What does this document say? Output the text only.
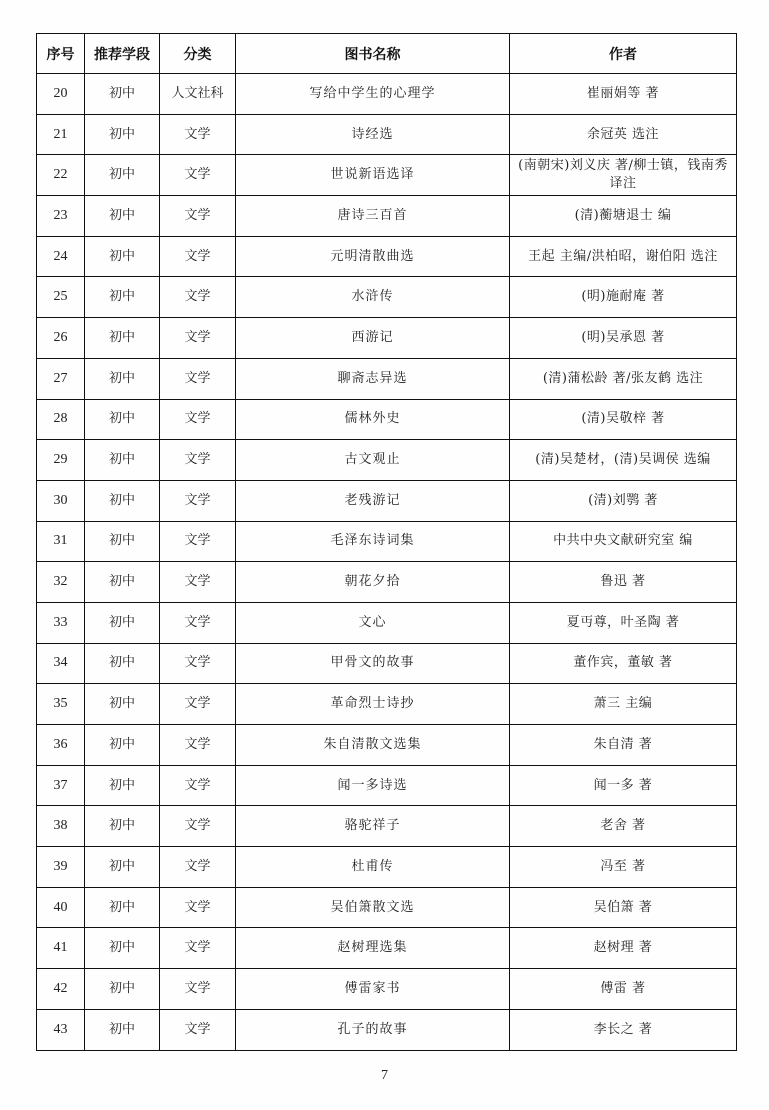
序号	推荐学段	分类	图书名称	作者
20	初中	人文社科	写给中学生的心理学	崔丽娟等 著
21	初中	文学	诗经选	余冠英 选注
22	初中	文学	世说新语选译	(南朝宋)刘义庆 著/柳士镇，钱南秀 译注
23	初中	文学	唐诗三百首	(清)蘅塘退士 编
24	初中	文学	元明清散曲选	王起 主编/洪柏昭，谢伯阳 选注
25	初中	文学	水浒传	(明)施耐庵 著
26	初中	文学	西游记	(明)吴承恩 著
27	初中	文学	聊斋志异选	(清)蒲松龄 著/张友鹤 选注
28	初中	文学	儒林外史	(清)吴敬梓 著
29	初中	文学	古文观止	(清)吴楚材，(清)吴调侯 选编
30	初中	文学	老残游记	(清)刘鹗 著
31	初中	文学	毛泽东诗词集	中共中央文献研究室 编
32	初中	文学	朝花夕拾	鲁迅 著
33	初中	文学	文心	夏丏尊，叶圣陶 著
34	初中	文学	甲骨文的故事	董作宾，董敏 著
35	初中	文学	革命烈士诗抄	萧三 主编
36	初中	文学	朱自清散文选集	朱自清 著
37	初中	文学	闻一多诗选	闻一多 著
38	初中	文学	骆驼祥子	老舍 著
39	初中	文学	杜甫传	冯至 著
40	初中	文学	吴伯箫散文选	吴伯箫 著
41	初中	文学	赵树理选集	赵树理 著
42	初中	文学	傅雷家书	傅雷 著
43	初中	文学	孔子的故事	李长之 著
7
